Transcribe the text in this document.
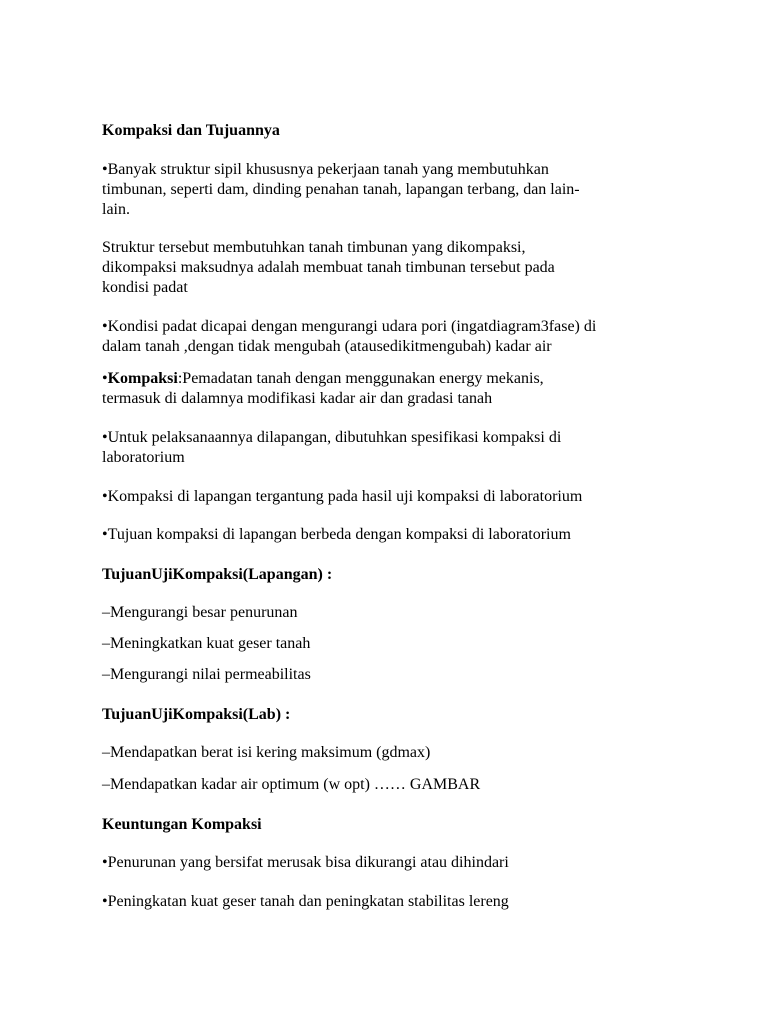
Kompaksi dan Tujuannya
•Banyak struktur sipil khususnya pekerjaan tanah yang membutuhkan
timbunan, seperti dam, dinding penahan tanah, lapangan terbang, dan lain-
lain.
Struktur tersebut membutuhkan tanah timbunan yang dikompaksi,
dikompaksi maksudnya adalah membuat tanah timbunan tersebut pada
kondisi padat
•Kondisi padat dicapai dengan mengurangi udara pori (ingatdiagram3fase) di
dalam tanah ,dengan tidak mengubah (atausedikitmengubah) kadar air
•Kompaksi:Pemadatan tanah dengan menggunakan energy mekanis,
termasuk di dalamnya modifikasi kadar air dan gradasi tanah
•Untuk pelaksanaannya dilapangan, dibutuhkan spesifikasi kompaksi di
laboratorium
•Kompaksi di lapangan tergantung pada hasil uji kompaksi di laboratorium
•Tujuan kompaksi di lapangan berbeda dengan kompaksi di laboratorium
TujuanUjiKompaksi(Lapangan) :
–Mengurangi besar penurunan
–Meningkatkan kuat geser tanah
–Mengurangi nilai permeabilitas
TujuanUjiKompaksi(Lab) :
–Mendapatkan berat isi kering maksimum (gdmax)
–Mendapatkan kadar air optimum (w opt) …… GAMBAR
Keuntungan Kompaksi
•Penurunan yang bersifat merusak bisa dikurangi atau dihindari
•Peningkatan kuat geser tanah dan peningkatan stabilitas lereng
